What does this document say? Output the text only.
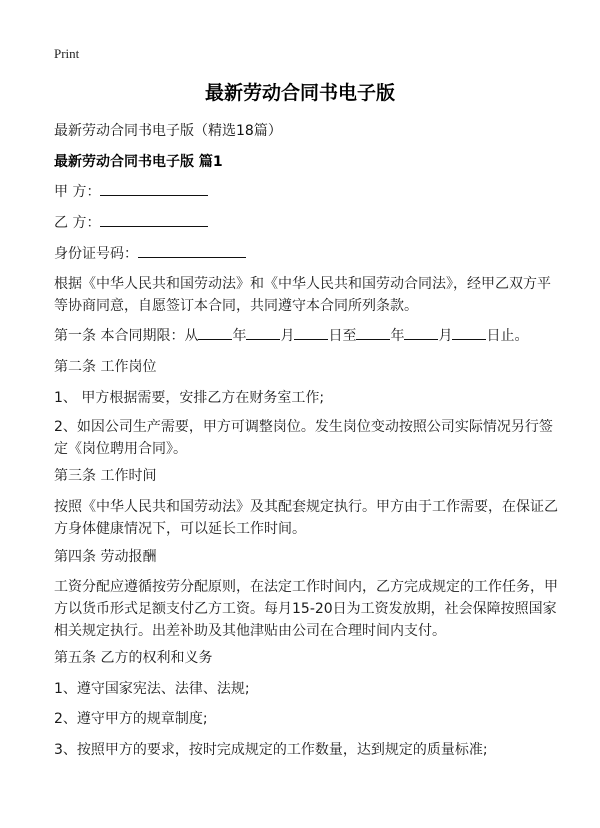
Print
最新劳动合同书电子版
最新劳动合同书电子版（精选18篇）
最新劳动合同书电子版 篇1
甲 方：
乙 方：
身份证号码：
根据《中华人民共和国劳动法》和《中华人民共和国劳动合同法》，经甲乙双方平
等协商同意，自愿签订本合同，共同遵守本合同所列条款。
第一条 本合同期限：从 年 月 日至 年 月 日止。
第二条 工作岗位
1、 甲方根据需要，安排乙方在财务室工作;
2、如因公司生产需要，甲方可调整岗位。发生岗位变动按照公司实际情况另行签
定《岗位聘用合同》。
第三条 工作时间
按照《中华人民共和国劳动法》及其配套规定执行。甲方由于工作需要，在保证乙
方身体健康情况下，可以延长工作时间。
第四条 劳动报酬
工资分配应遵循按劳分配原则，在法定工作时间内，乙方完成规定的工作任务，甲
方以货币形式足额支付乙方工资。每月15-20日为工资发放期，社会保障按照国家
相关规定执行。出差补助及其他津贴由公司在合理时间内支付。
第五条 乙方的权利和义务
1、遵守国家宪法、法律、法规;
2、遵守甲方的规章制度;
3、按照甲方的要求，按时完成规定的工作数量，达到规定的质量标准;
